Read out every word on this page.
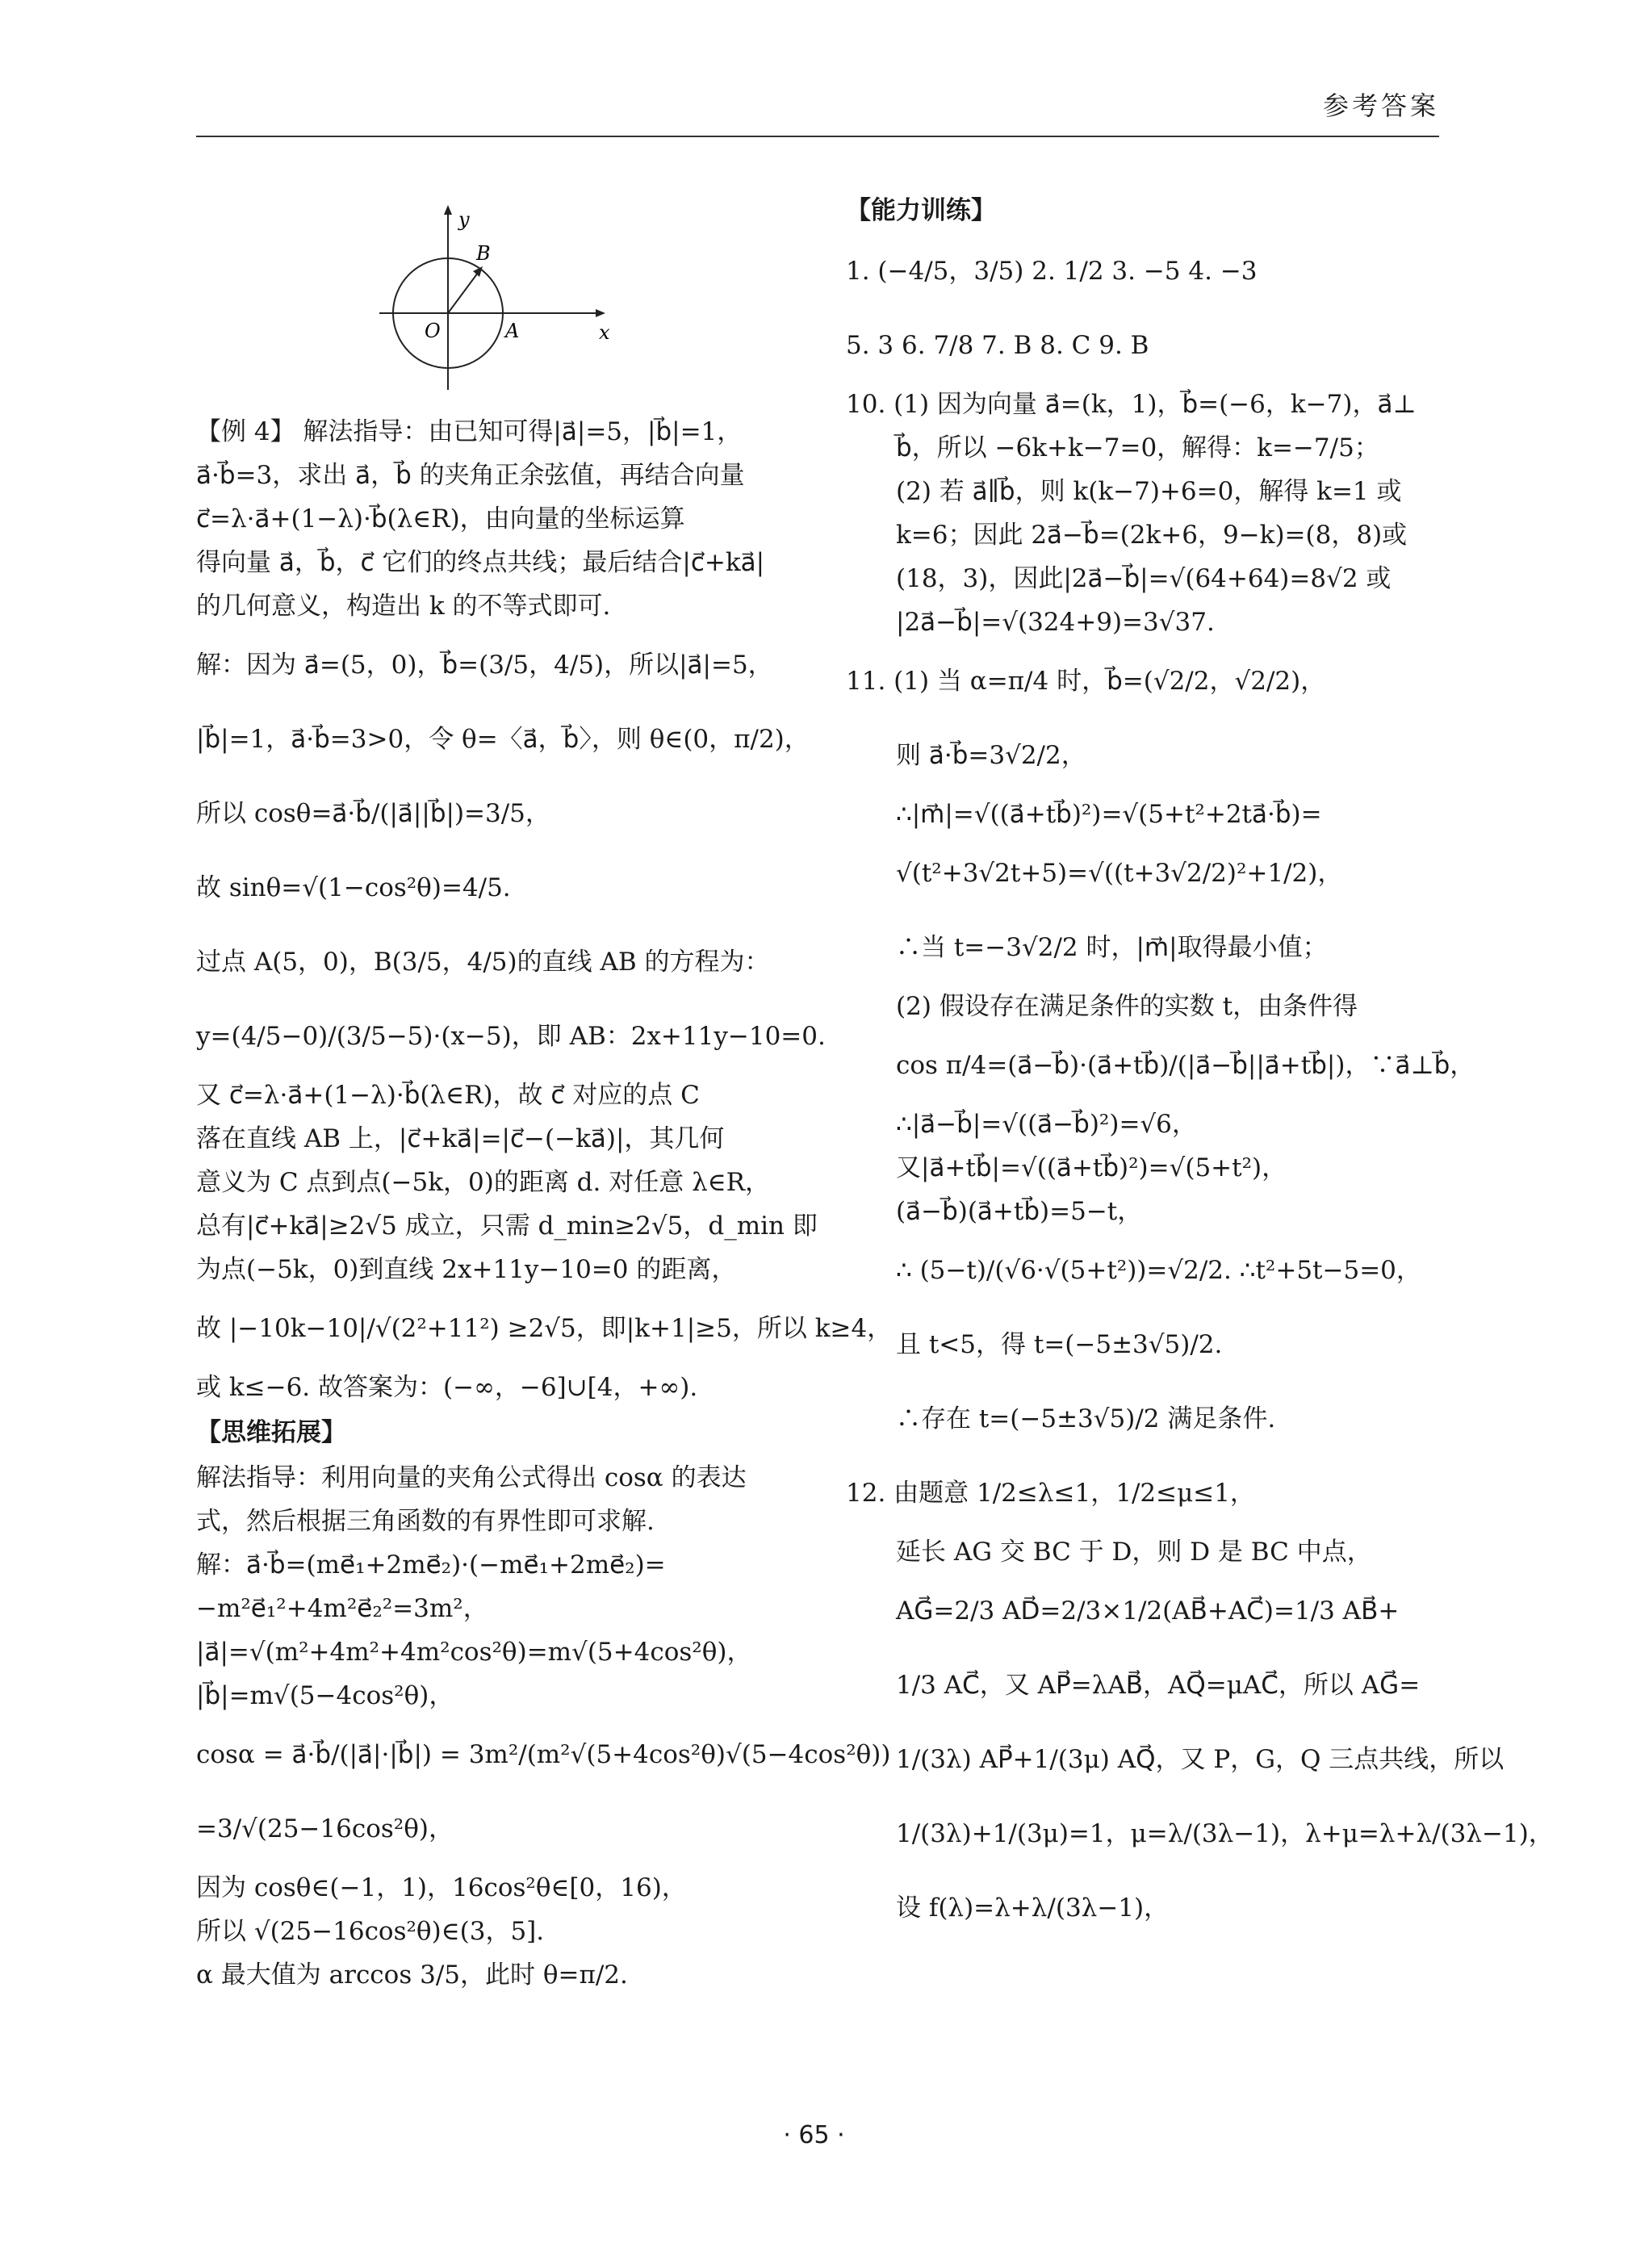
参考答案
y
x
O	A
B
【例 4】 解法指导：由已知可得|a⃗|=5，|b⃗|=1，
a⃗·b⃗=3，求出 a⃗，b⃗ 的夹角正余弦值，再结合向量
c⃗=λ·a⃗+(1−λ)·b⃗(λ∈R)，由向量的坐标运算
得向量 a⃗，b⃗，c⃗ 它们的终点共线；最后结合|c⃗+ka⃗|
的几何意义，构造出 k 的不等式即可.
解：因为 a⃗=(5，0)，b⃗=(3/5，4/5)，所以|a⃗|=5，
|b⃗|=1，a⃗·b⃗=3>0，令 θ=〈a⃗，b⃗〉，则 θ∈(0，π/2)，
所以 cosθ=a⃗·b⃗/(|a⃗||b⃗|)=3/5，
故 sinθ=√(1−cos²θ)=4/5.
过点 A(5，0)，B(3/5，4/5)的直线 AB 的方程为：
y=(4/5−0)/(3/5−5)·(x−5)，即 AB：2x+11y−10=0.
又 c⃗=λ·a⃗+(1−λ)·b⃗(λ∈R)，故 c⃗ 对应的点 C
落在直线 AB 上，|c⃗+ka⃗|=|c⃗−(−ka⃗)|，其几何
意义为 C 点到点(−5k，0)的距离 d. 对任意 λ∈R，
总有|c⃗+ka⃗|≥2√5 成立，只需 d_min≥2√5，d_min 即
为点(−5k，0)到直线 2x+11y−10=0 的距离，
故 |−10k−10|/√(2²+11²) ≥2√5，即|k+1|≥5，所以 k≥4，
或 k≤−6. 故答案为：(−∞，−6]∪[4，+∞).
【思维拓展】
解法指导：利用向量的夹角公式得出 cosα 的表达
式，然后根据三角函数的有界性即可求解.
解：a⃗·b⃗=(me⃗₁+2me⃗₂)·(−me⃗₁+2me⃗₂)=
−m²e⃗₁²+4m²e⃗₂²=3m²，
|a⃗|=√(m²+4m²+4m²cos²θ)=m√(5+4cos²θ)，
|b⃗|=m√(5−4cos²θ)，
cosα = a⃗·b⃗/(|a⃗|·|b⃗|) = 3m²/(m²√(5+4cos²θ)√(5−4cos²θ))
=3/√(25−16cos²θ)，
因为 cosθ∈(−1，1)，16cos²θ∈[0，16)，
所以 √(25−16cos²θ)∈(3，5].
α 最大值为 arccos 3/5，此时 θ=π/2.
【能力训练】
1. (−4/5，3/5) 2. 1/2 3. −5 4. −3
5. 3 6. 7/8 7. B 8. C 9. B
10. (1) 因为向量 a⃗=(k，1)，b⃗=(−6，k−7)，a⃗⊥
b⃗，所以 −6k+k−7=0，解得：k=−7/5；
(2) 若 a⃗∥b⃗，则 k(k−7)+6=0，解得 k=1 或
k=6；因此 2a⃗−b⃗=(2k+6，9−k)=(8，8)或
(18，3)，因此|2a⃗−b⃗|=√(64+64)=8√2 或
|2a⃗−b⃗|=√(324+9)=3√37.
11. (1) 当 α=π/4 时，b⃗=(√2/2，√2/2)，
则 a⃗·b⃗=3√2/2，
∴|m⃗|=√((a⃗+tb⃗)²)=√(5+t²+2ta⃗·b⃗)=
√(t²+3√2t+5)=√((t+3√2/2)²+1/2)，
∴当 t=−3√2/2 时，|m⃗|取得最小值；
(2) 假设存在满足条件的实数 t，由条件得
cos π/4=(a⃗−b⃗)·(a⃗+tb⃗)/(|a⃗−b⃗||a⃗+tb⃗|)，∵a⃗⊥b⃗，
∴|a⃗−b⃗|=√((a⃗−b⃗)²)=√6，
又|a⃗+tb⃗|=√((a⃗+tb⃗)²)=√(5+t²)，
(a⃗−b⃗)(a⃗+tb⃗)=5−t，
∴ (5−t)/(√6·√(5+t²))=√2/2. ∴t²+5t−5=0，
且 t<5，得 t=(−5±3√5)/2.
∴存在 t=(−5±3√5)/2 满足条件.
12. 由题意 1/2≤λ≤1，1/2≤μ≤1，
延长 AG 交 BC 于 D，则 D 是 BC 中点，
AG⃗=2/3 AD⃗=2/3×1/2(AB⃗+AC⃗)=1/3 AB⃗+
1/3 AC⃗，又 AP⃗=λAB⃗，AQ⃗=μAC⃗，所以 AG⃗=
1/(3λ) AP⃗+1/(3μ) AQ⃗，又 P，G，Q 三点共线，所以
1/(3λ)+1/(3μ)=1，μ=λ/(3λ−1)，λ+μ=λ+λ/(3λ−1)，
设 f(λ)=λ+λ/(3λ−1)，
· 65 ·
